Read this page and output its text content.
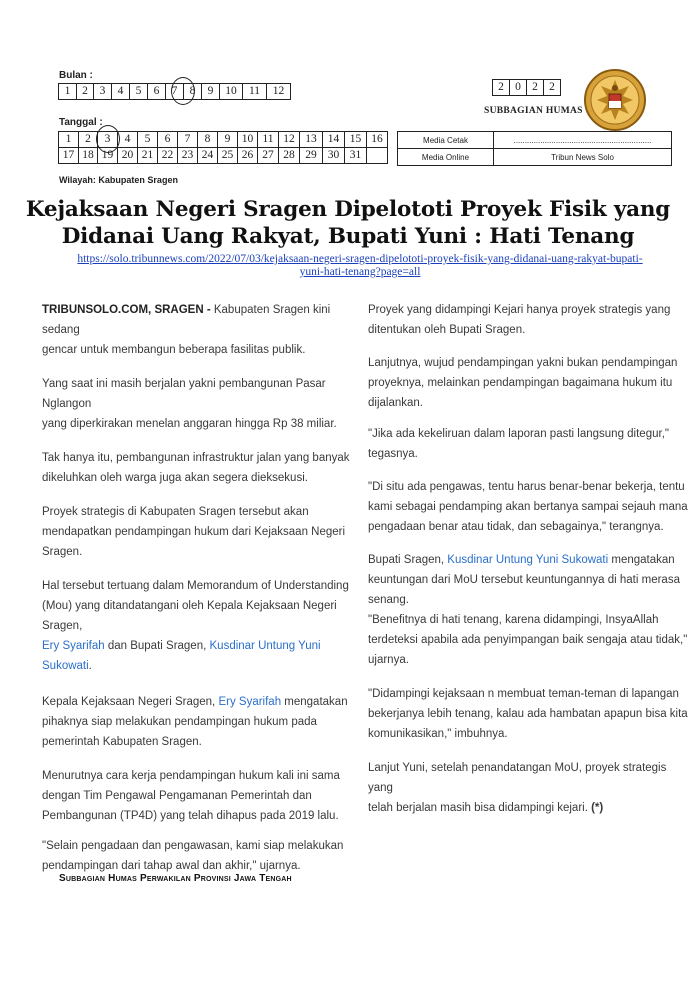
Bulan :
1	2	3	4	5	6	7	8	9	10	11	12	2	0	2	2
SUBBAGIAN HUMAS
Tanggal :
1	2	3	4	5	6	7	8	9	10	11	12	13	14	15	16
17	18	19	20	21	22	23	24	25	26	27	28	29	30	31	
Media Cetak	..............................................................
Media Online	Tribun News Solo
Wilayah: Kabupaten Sragen
Kejaksaan Negeri Sragen Dipelototi Proyek Fisik yang
Didanai Uang Rakyat, Bupati Yuni : Hati Tenang
https://solo.tribunnews.com/2022/07/03/kejaksaan-negeri-sragen-dipelototi-proyek-fisik-yang-didanai-uang-rakyat-bupati-
yuni-hati-tenang?page=all

TRIBUNSOLO.COM, SRAGEN - Kabupaten Sragen kini sedang

gencar untuk membangun beberapa fasilitas publik.

Yang saat ini masih berjalan yakni pembangunan Pasar Nglangon

yang diperkirakan menelan anggaran hingga Rp 38 miliar.

Tak hanya itu, pembangunan infrastruktur jalan yang banyak

dikeluhkan oleh warga juga akan segera dieksekusi.

Proyek strategis di Kabupaten Sragen tersebut akan

mendapatkan pendampingan hukum dari Kejaksaan Negeri

Sragen.

Hal tersebut tertuang dalam Memorandum of Understanding

(Mou) yang ditandatangani oleh Kepala Kejaksaan Negeri Sragen,

Ery Syarifah dan Bupati Sragen, Kusdinar Untung Yuni Sukowati.

Kepala Kejaksaan Negeri Sragen, Ery Syarifah mengatakan

pihaknya siap melakukan pendampingan hukum pada

pemerintah Kabupaten Sragen.

Menurutnya cara kerja pendampingan hukum kali ini sama

dengan Tim Pengawal Pengamanan Pemerintah dan

Pembangunan (TP4D) yang telah dihapus pada 2019 lalu.

"Selain pengadaan dan pengawasan, kami siap melakukan

pendampingan dari tahap awal dan akhir," ujarnya.

Proyek yang didampingi Kejari hanya proyek strategis yang

ditentukan oleh Bupati Sragen.

Lanjutnya, wujud pendampingan yakni bukan pendampingan

proyeknya, melainkan pendampingan bagaimana hukum itu

dijalankan.

"Jika ada kekeliruan dalam laporan pasti langsung ditegur,"

tegasnya.

"Di situ ada pengawas, tentu harus benar-benar bekerja, tentu

kami sebagai pendamping akan bertanya sampai sejauh mana

pengadaan benar atau tidak, dan sebagainya," terangnya.

Bupati Sragen, Kusdinar Untung Yuni Sukowati mengatakan

keuntungan dari MoU tersebut keuntungannya di hati merasa

senang.

"Benefitnya di hati tenang, karena didampingi, InsyaAllah

terdeteksi apabila ada penyimpangan baik sengaja atau tidak,"

ujarnya.

"Didampingi kejaksaan n membuat teman-teman di lapangan

bekerjanya lebih tenang, kalau ada hambatan apapun bisa kita

komunikasikan," imbuhnya.

Lanjut Yuni, setelah penandatangan MoU, proyek strategis yang

telah berjalan masih bisa didampingi kejari. (*)

Subbagian Humas Perwakilan Provinsi Jawa Tengah
